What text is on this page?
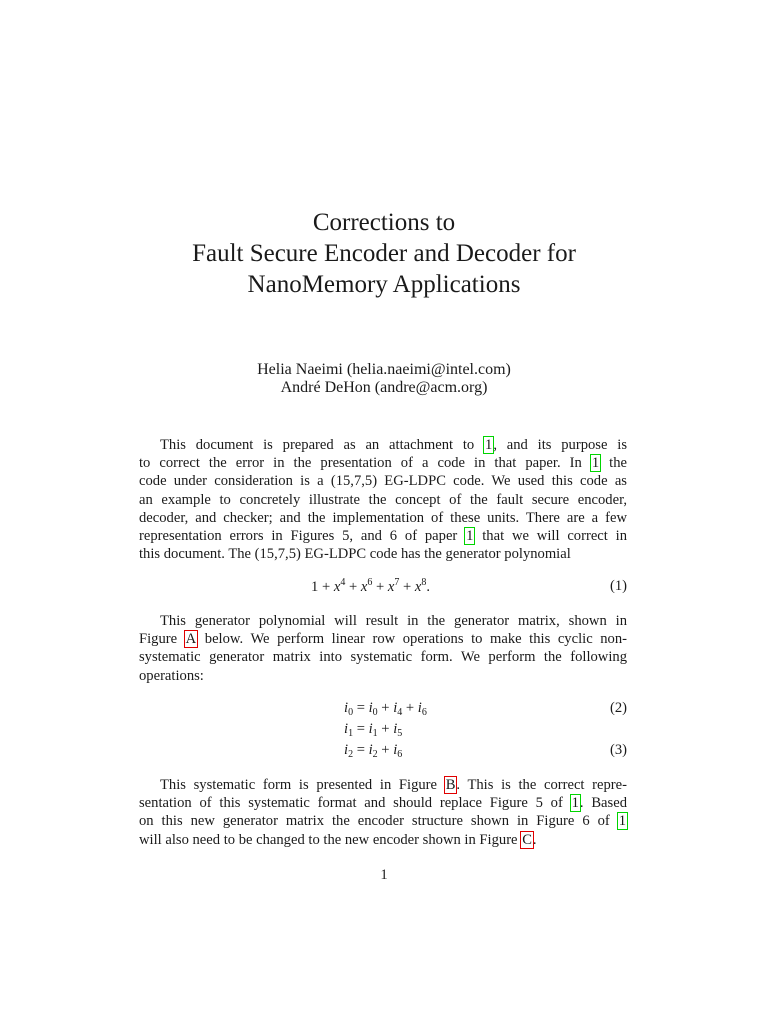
Corrections to
Fault Secure Encoder and Decoder for
NanoMemory Applications
Helia Naeimi (helia.naeimi@intel.com)
André DeHon (andre@acm.org)
This document is prepared as an attachment to 1, and its purpose is
to correct the error in the presentation of a code in that paper. In 1 the
code under consideration is a (15,7,5) EG-LDPC code. We used this code as
an example to concretely illustrate the concept of the fault secure encoder,
decoder, and checker; and the implementation of these units. There are a few
representation errors in Figures 5, and 6 of paper 1 that we will correct in
this document. The (15,7,5) EG-LDPC code has the generator polynomial
$1 + x^4 + x^6 + x^7 + x^8$.	(1)
This generator polynomial will result in the generator matrix, shown in
Figure A below. We perform linear row operations to make this cyclic non-
systematic generator matrix into systematic form. We perform the following
operations:
$i_0 = i_0 + i_4 + i_6$	(2)
$i_1 = i_1 + i_5$
$i_2 = i_2 + i_6$	(3)
This systematic form is presented in Figure B. This is the correct repre-
sentation of this systematic format and should replace Figure 5 of 1. Based
on this new generator matrix the encoder structure shown in Figure 6 of 1
will also need to be changed to the new encoder shown in Figure C.
1
